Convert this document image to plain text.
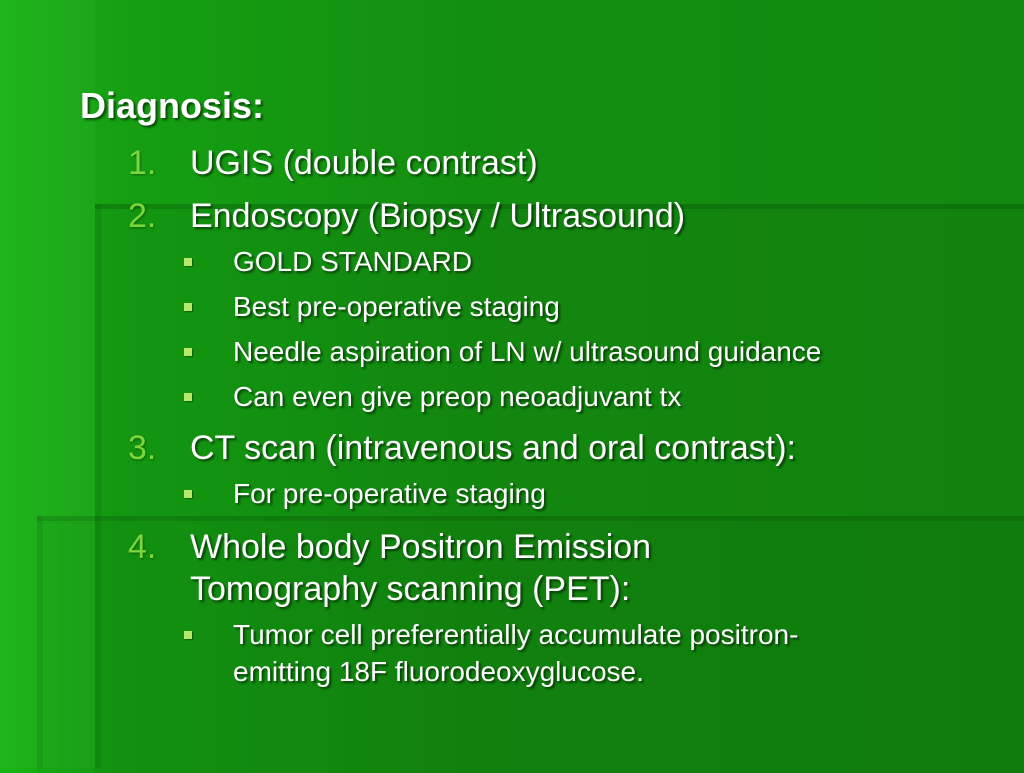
Diagnosis:
1. UGIS (double contrast)
2. Endoscopy (Biopsy / Ultrasound)
GOLD STANDARD
Best pre-operative staging
Needle aspiration of LN w/ ultrasound guidance
Can even give preop neoadjuvant tx
3. CT scan (intravenous and oral contrast):
For pre-operative staging
4. Whole body Positron Emission
Tomography scanning (PET):
Tumor cell preferentially accumulate positron-
emitting 18F fluorodeoxyglucose.
